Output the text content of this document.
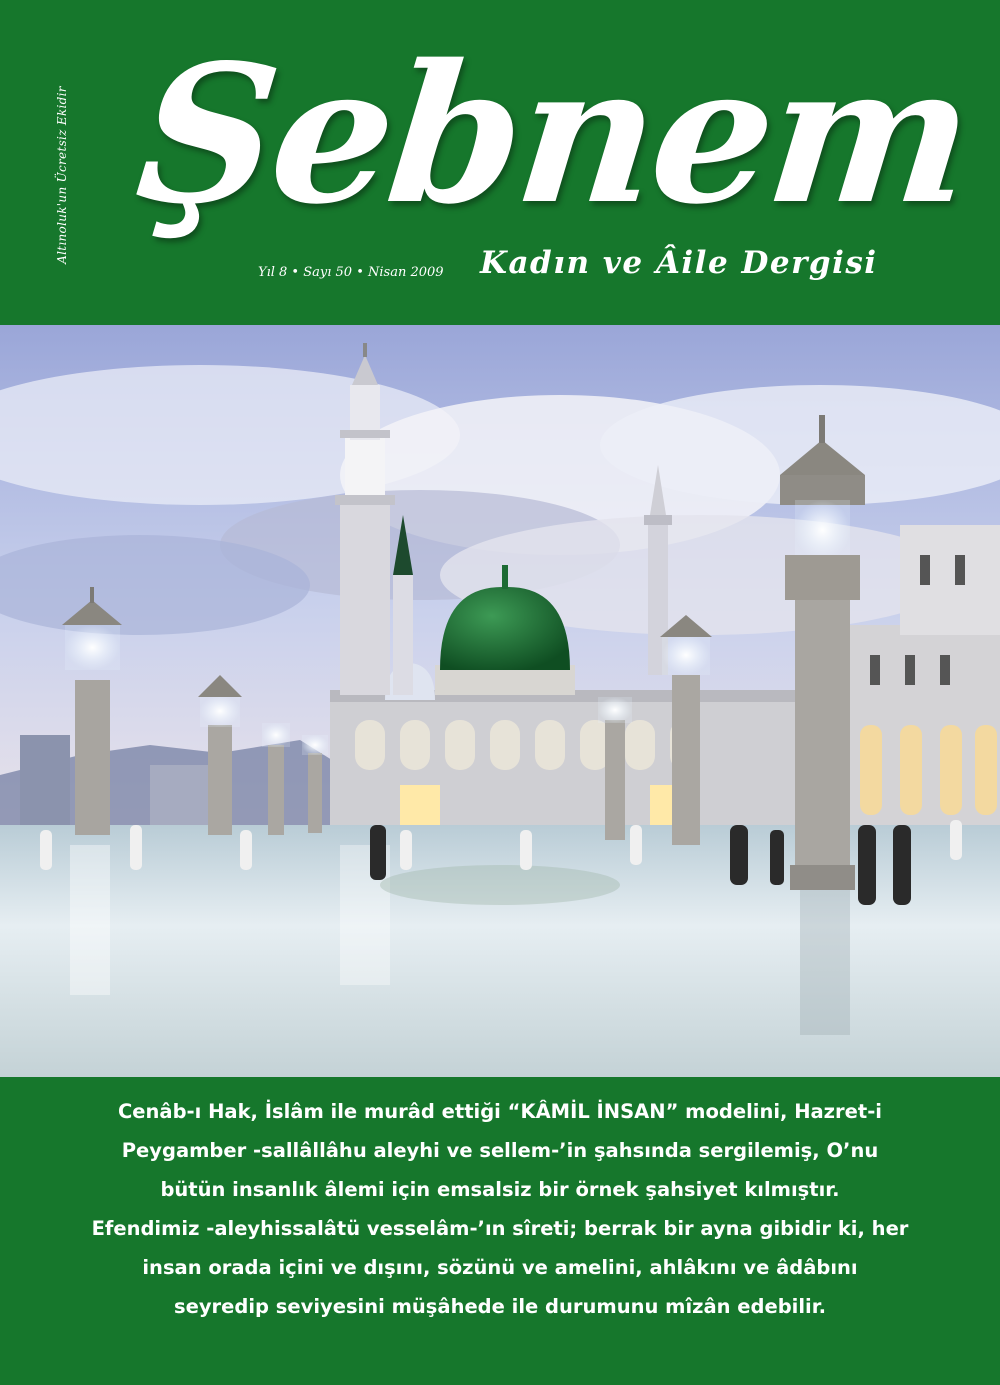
Altınoluk'un Ücretsiz Ekidir Şebnem
Yıl 8 • Sayı 50 • Nisan 2009 Kadın ve Âile Dergisi
Cenâb-ı Hak, İslâm ile murâd ettiği “KÂMİL İNSAN” modelini, Hazret-i
Peygamber -sallâllâhu aleyhi ve sellem-’in şahsında sergilemiş, O’nu
bütün insanlık âlemi için emsalsiz bir örnek şahsiyet kılmıştır.
Efendimiz -aleyhissalâtü vesselâm-’ın sîreti; berrak bir ayna gibidir ki, her
insan orada içini ve dışını, sözünü ve amelini, ahlâkını ve âdâbını
seyredip seviyesini müşâhede ile durumunu mîzân edebilir.
